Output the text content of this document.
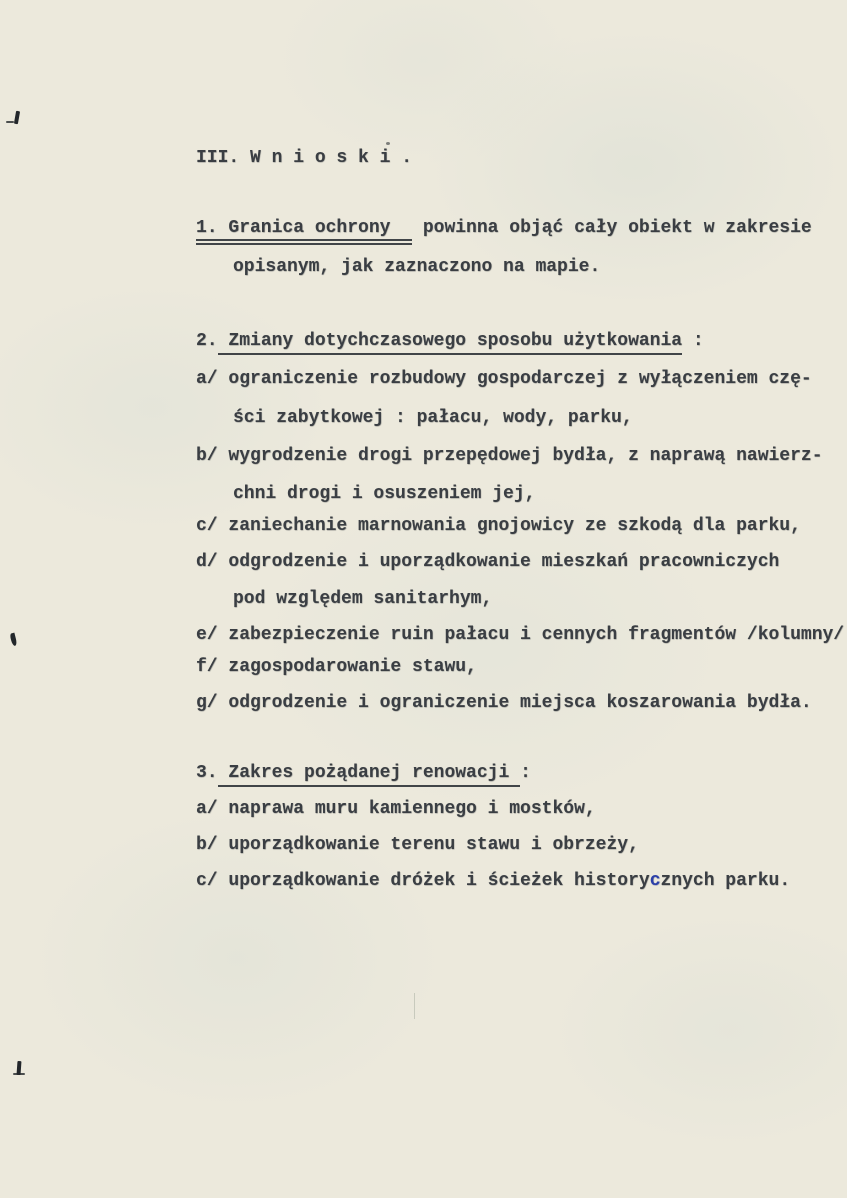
III. W n i o s k i .
1. Granica ochrony   powinna objąć cały obiekt w zakresie
opisanym, jak zaznaczono na mapie.
2. Zmiany dotychczasowego sposobu użytkowania :
a/ ograniczenie rozbudowy gospodarczej z wyłączeniem czę-
ści zabytkowej : pałacu, wody, parku,
b/ wygrodzenie drogi przepędowej bydła, z naprawą nawierz-
chni drogi i osuszeniem jej,
c/ zaniechanie marnowania gnojowicy ze szkodą dla parku,
d/ odgrodzenie i uporządkowanie mieszkań pracowniczych
pod względem sanitarhym,
e/ zabezpieczenie ruin pałacu i cennych fragmentów /kolumny/
f/ zagospodarowanie stawu,
g/ odgrodzenie i ograniczenie miejsca koszarowania bydła.
3. Zakres pożądanej renowacji :
a/ naprawa muru kamiennego i mostków,
b/ uporządkowanie terenu stawu i obrzeży,
c/ uporządkowanie dróżek i ścieżek historycznych parku.
